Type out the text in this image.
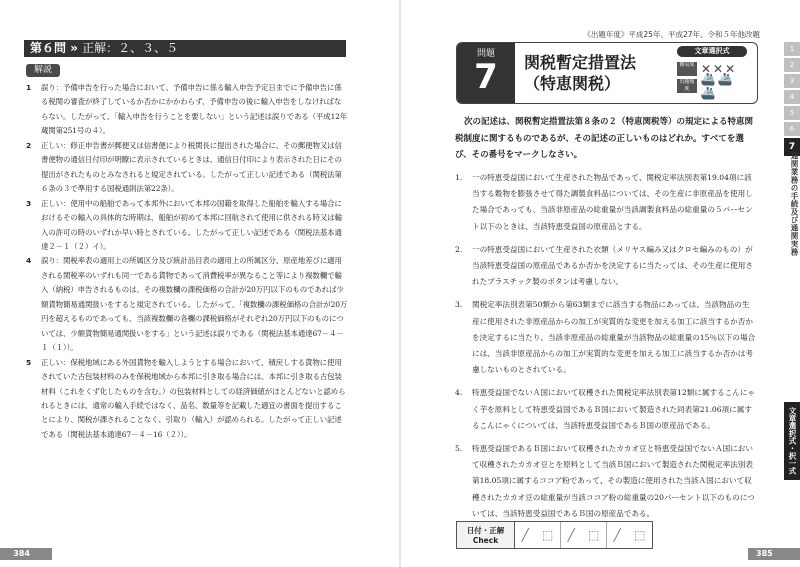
第６問 » 正解：２、３、５
解説
1 誤り：予備申告を行った場合において、予備申告に係る輸入申告予定日までに予備申告に係る税関の審査が終了しているか否かにかかわらず、予備申告の後に輸入申告をしなければならない。したがって、「輸入申告を行うことを要しない」という記述は誤りである（平成12年蔵関第251号の４）。
2 正しい：修正申告書が郵便又は信書便により税関長に提出された場合に、その郵便物又は信書便物の通信日付印が明瞭に表示されているときは、通信日付印により表示された日にその提出がされたものとみなされると規定されている。したがって正しい記述である（関税法第６条の３で準用する国税通則法第22条）。
3 正しい：使用中の船舶であって本邦外において本邦の国籍を取得した船舶を輸入する場合におけるその輸入の具体的な時期は、船舶が初めて本邦に回航されて使用に供される時又は輸入の許可の時のいずれか早い時とされている。したがって正しい記述である（関税法基本通達２－１（２）イ）。
4 誤り：関税率表の適用上の所属区分及び統計品目表の適用上の所属区分、原産地差びに適用される関税率のいずれも同一である貨物であって消費税率が異なること等により複数欄で輸入（納税）申告されるものは、その複数欄の課税価格の合計が20万円以下のものであれば少額貨物簡易通関扱いをすると規定されている。したがって、「複数欄の課税価格の合計が20万円を超えるものであっても、当該複数欄の各欄の課税価格がそれぞれ20万円以下のものについては、少額貨物簡易通関扱いをする」という記述は誤りである（関税法基本通達67－４－１（１））。
5 正しい：保税地域にある外国貨物を輸入しようとする場合において、積戻しする貨物に使用されていた古包装材料のみを保税地域から本邦に引き取る場合には、本邦に引き取る古包装材料（これをくず化したものを含む。）の包装材料としての経済価値がほとんどないと認められるときには、通常の輸入手続ではなく、品名、数量等を記載した適宜の書面を提出することにより、関税が課されることなく、引取り（輸入）が認められる。したがって正しい記述である（関税法基本通達67－４－16（２））。
384
《出題年度》平成25年、平成27年、令和５年他改題
問題
7	関税暫定措置法
（特恵関税）
文章選択式
難易度 ✕✕✕
出題頻度
🚢🚢🚢
次の記述は、関税暫定措置法第８条の２（特恵関税等）の規定による特恵関税制度に関するものであるが、その記述の正しいものはどれか。すべてを選び、その番号をマークしなさい。
1. 一の特恵受益国において生産された物品であって、関税定率法別表第19.04項に該当する穀物を膨張させて得た調製食料品については、その生産に非原産品を使用した場合であっても、当該非原産品の総重量が当該調製食料品の総重量の５パーセント以下のときは、当該特恵受益国の原産品とする。
2. 一の特恵受益国において生産された衣類（メリヤス編み又はクロセ編みのもの）が当該特恵受益国の原産品であるか否かを決定するに当たっては、その生産に使用されたプラスチック製のボタンは考慮しない。
3. 関税定率法別表第50類から第63類までに該当する物品にあっては、当該物品の生産に使用された非原産品からの加工が実質的な変更を加える加工に該当するか否かを決定するに当たり、当該非原産品の総重量が当該物品の総重量の15％以下の場合には、当該非原産品からの加工が実質的な変更を加える加工に該当するか否かは考慮しないものとされている。
4. 特恵受益国でないＡ国において収穫された関税定率法別表第12類に属するこんにゃく芋を原料として特恵受益国であるＢ国において製造された同表第21.06項に属するこんにゃくについては、当該特恵受益国であるＢ国の原産品である。
5. 特恵受益国であるＢ国において収穫されたカカオ豆と特恵受益国でないＡ国において収穫されたカカオ豆とを原料として当該Ｂ国において製造された関税定率法別表第18.05項に属するココア粉であって、その製造に使用された当該Ａ国において収穫されたカカオ豆の総重量が当該ココア粉の総重量の20パーセント以下のものについては、当該特恵受益国であるＢ国の原産品である。
日付・正解
Check	╱ ⬚ ╱ ⬚ ╱ ⬚
385
1
2
3
4
5
6
7
通関業務の手続及び通関実務
文章選択式・択一式
